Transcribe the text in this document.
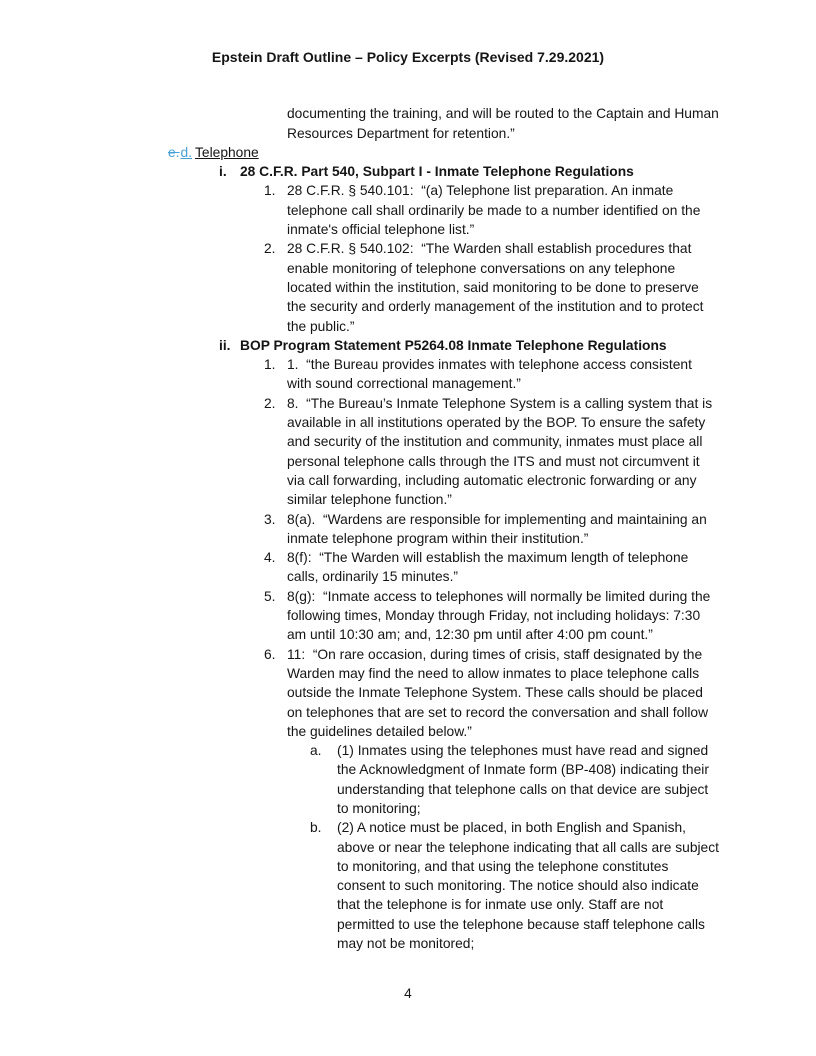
Epstein Draft Outline – Policy Excerpts (Revised 7.29.2021)

documenting the training, and will be routed to the Captain and Human Resources Department for retention.”

e.d. Telephone
i. 28 C.F.R. Part 540, Subpart I - Inmate Telephone Regulations
1. 28 C.F.R. § 540.101:  “(a) Telephone list preparation. An inmate telephone call shall ordinarily be made to a number identified on the inmate's official telephone list.”
2. 28 C.F.R. § 540.102:  “The Warden shall establish procedures that enable monitoring of telephone conversations on any telephone located within the institution, said monitoring to be done to preserve the security and orderly management of the institution and to protect the public.”
ii. BOP Program Statement P5264.08 Inmate Telephone Regulations
1. 1.  “the Bureau provides inmates with telephone access consistent with sound correctional management.”
2. 8.  “The Bureau’s Inmate Telephone System is a calling system that is available in all institutions operated by the BOP. To ensure the safety and security of the institution and community, inmates must place all personal telephone calls through the ITS and must not circumvent it via call forwarding, including automatic electronic forwarding or any similar telephone function.”
3. 8(a).  “Wardens are responsible for implementing and maintaining an inmate telephone program within their institution.”
4. 8(f):  “The Warden will establish the maximum length of telephone calls, ordinarily 15 minutes.”
5. 8(g):  “Inmate access to telephones will normally be limited during the following times, Monday through Friday, not including holidays: 7:30 am until 10:30 am; and, 12:30 pm until after 4:00 pm count.”
6. 11:  “On rare occasion, during times of crisis, staff designated by the Warden may find the need to allow inmates to place telephone calls outside the Inmate Telephone System. These calls should be placed on telephones that are set to record the conversation and shall follow the guidelines detailed below.”
a. (1) Inmates using the telephones must have read and signed the Acknowledgment of Inmate form (BP-408) indicating their understanding that telephone calls on that device are subject to monitoring;
b. (2) A notice must be placed, in both English and Spanish, above or near the telephone indicating that all calls are subject to monitoring, and that using the telephone constitutes consent to such monitoring. The notice should also indicate that the telephone is for inmate use only. Staff are not permitted to use the telephone because staff telephone calls may not be monitored;
4
